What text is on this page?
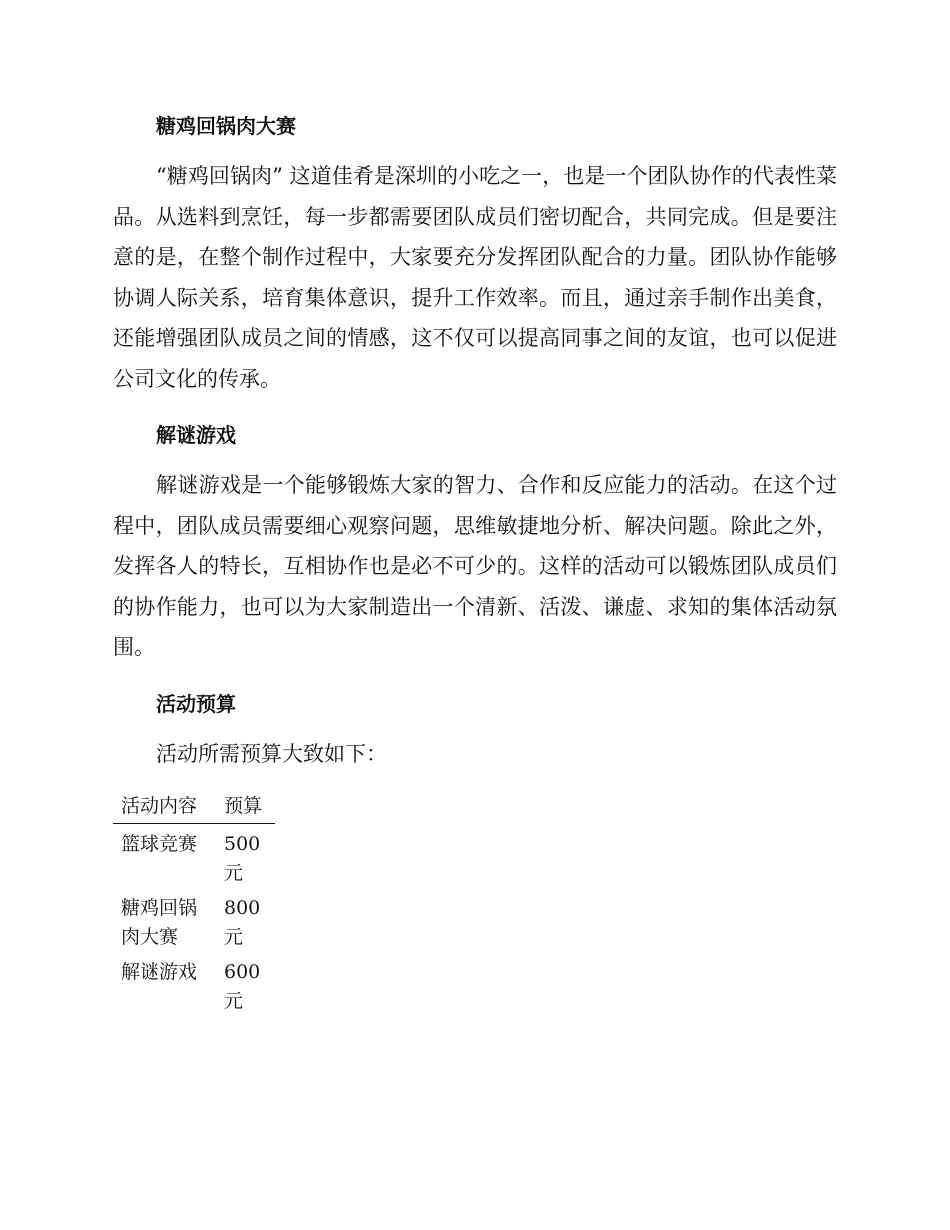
糖鸡回锅肉大赛

“糖鸡回锅肉” 这道佳肴是深圳的小吃之一，也是一个团队协作的代表性菜品。从选料到烹饪，每一步都需要团队成员们密切配合，共同完成。但是要注意的是，在整个制作过程中，大家要充分发挥团队配合的力量。团队协作能够协调人际关系，培育集体意识，提升工作效率。而且，通过亲手制作出美食，还能增强团队成员之间的情感，这不仅可以提高同事之间的友谊，也可以促进公司文化的传承。

解谜游戏

解谜游戏是一个能够锻炼大家的智力、合作和反应能力的活动。在这个过程中，团队成员需要细心观察问题，思维敏捷地分析、解决问题。除此之外，发挥各人的特长，互相协作也是必不可少的。这样的活动可以锻炼团队成员们的协作能力，也可以为大家制造出一个清新、活泼、谦虚、求知的集体活动氛围。

活动预算

活动所需预算大致如下：

活动内容	预算
篮球竞赛	500元
糖鸡回锅肉大赛	800元
解谜游戏	600元
